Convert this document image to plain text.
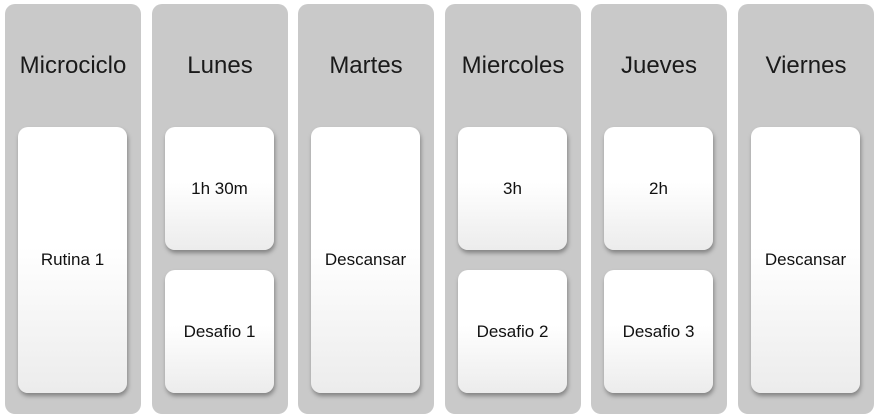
Microciclo
Rutina 1
Lunes
1h 30m
Desafio 1
Martes
Descansar
Miercoles
3h
Desafio 2
Jueves
2h
Desafio 3
Viernes
Descansar
